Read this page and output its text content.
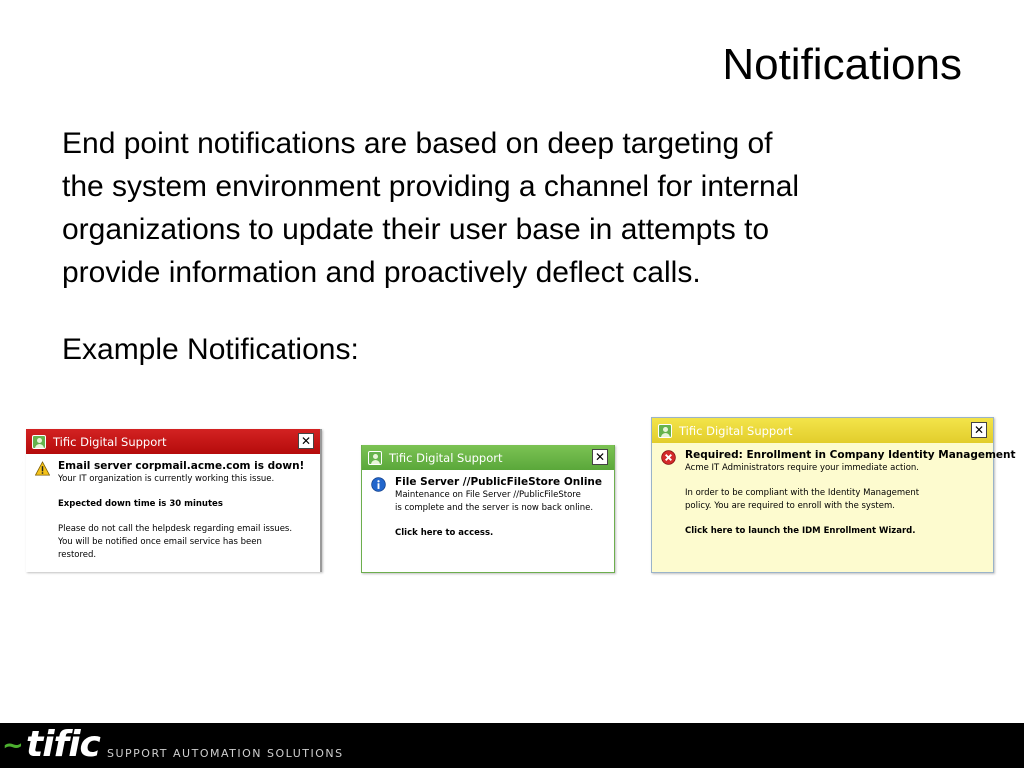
Notifications
End point notifications are based on deep targeting of
the system environment providing a channel for internal
organizations to update their user base in attempts to
provide information and proactively deflect calls.

Example Notifications:

Tific Digital Support	✕
Email server corpmail.acme.com is down!
Your IT organization is currently working this issue.
Expected down time is 30 minutes
Please do not call the helpdesk regarding email issues.
You will be notified once email service has been
restored.
Tific Digital Support	✕
File Server //PublicFileStore Online
Maintenance on File Server //PublicFileStore
is complete and the server is now back online.
Click here to access.
Tific Digital Support	✕
Required: Enrollment in Company Identity Management
Acme IT Administrators require your immediate action.
In order to be compliant with the Identity Management
policy. You are required to enroll with the system.
Click here to launch the IDM Enrollment Wizard.
~ tific SUPPORT AUTOMATION SOLUTIONS
